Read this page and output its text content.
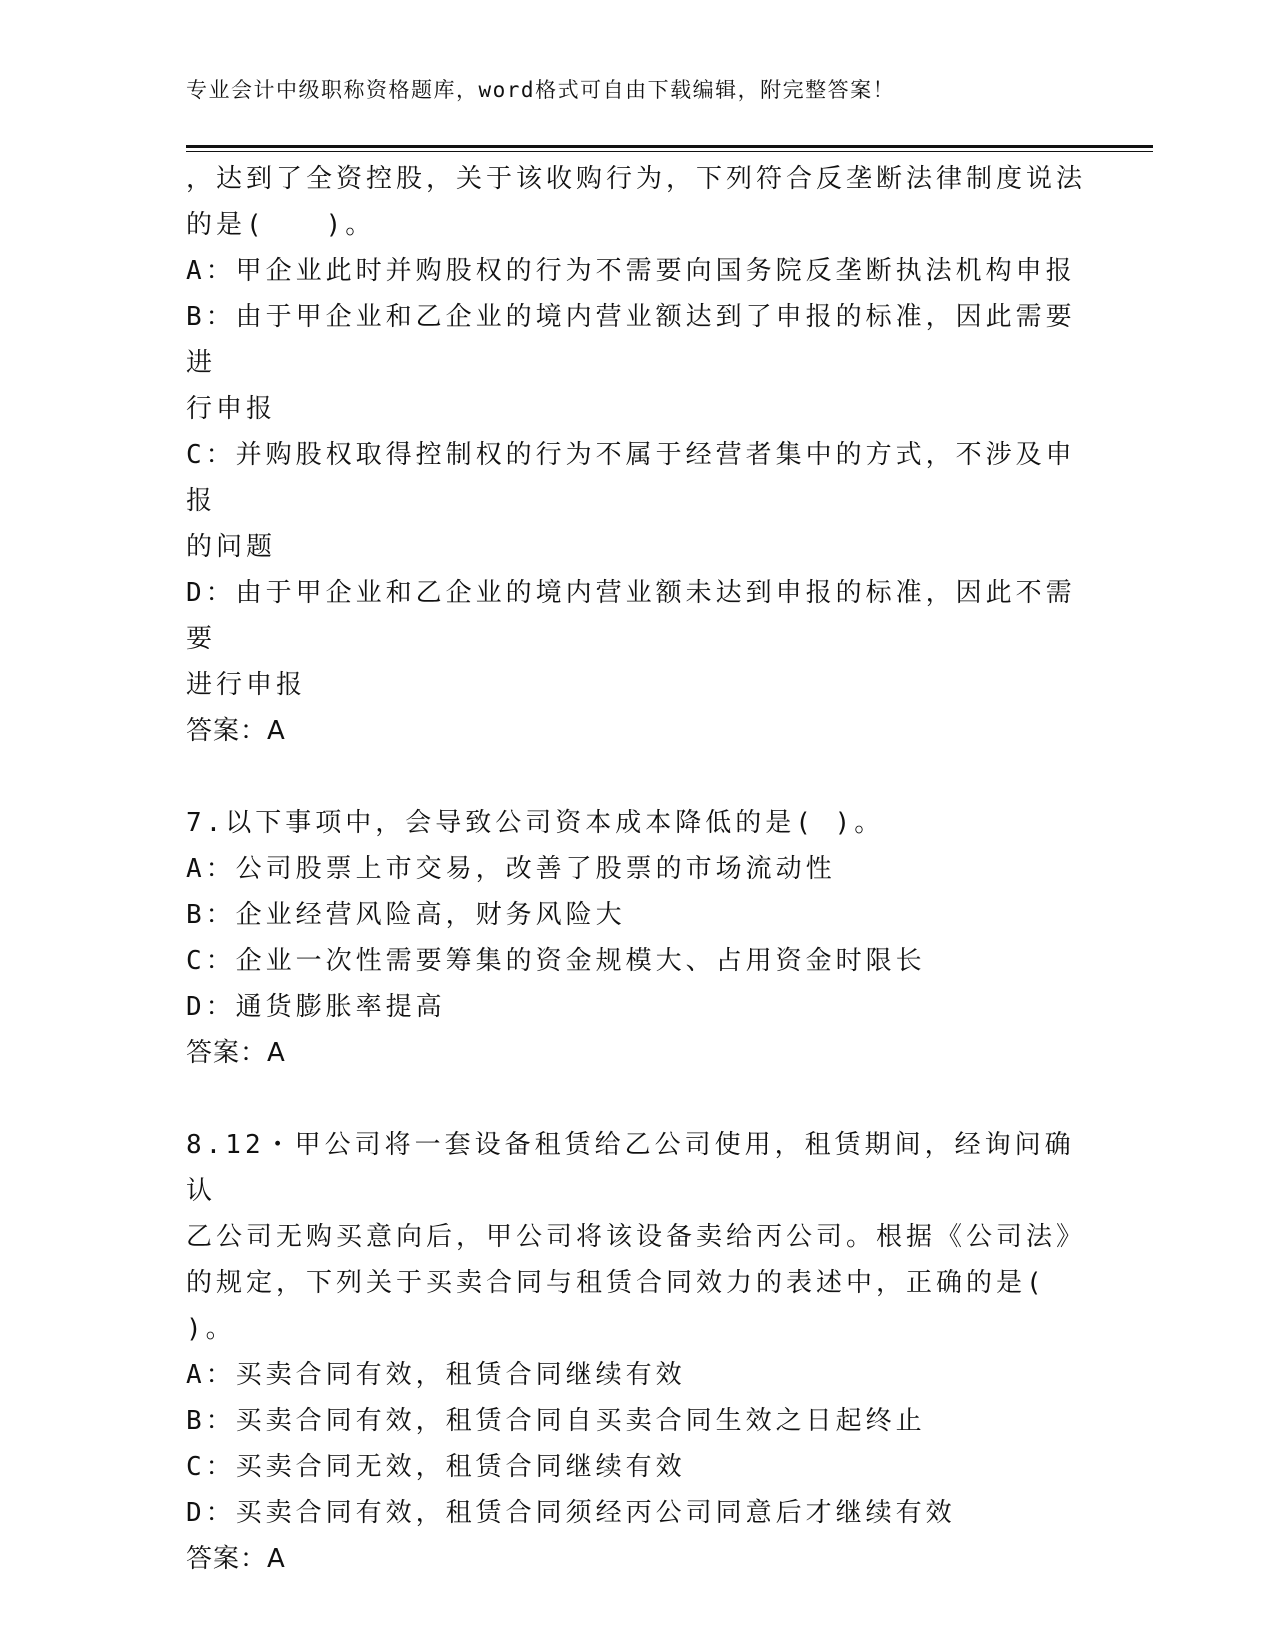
专业会计中级职称资格题库，word格式可自由下载编辑，附完整答案！

，达到了全资控股，关于该收购行为，下列符合反垄断法律制度说法

的是(　　)。

A：甲企业此时并购股权的行为不需要向国务院反垄断执法机构申报

B：由于甲企业和乙企业的境内营业额达到了申报的标准，因此需要进

行申报

C：并购股权取得控制权的行为不属于经营者集中的方式，不涉及申报

的问题

D：由于甲企业和乙企业的境内营业额未达到申报的标准，因此不需要

进行申报

答案：A

7.以下事项中，会导致公司资本成本降低的是( )。

A：公司股票上市交易，改善了股票的市场流动性

B：企业经营风险高，财务风险大

C：企业一次性需要筹集的资金规模大、占用资金时限长

D：通货膨胀率提高

答案：A

8.12・甲公司将一套设备租赁给乙公司使用，租赁期间，经询问确认

乙公司无购买意向后，甲公司将该设备卖给丙公司。根据《公司法》

的规定，下列关于买卖合同与租赁合同效力的表述中，正确的是(

)。

A：买卖合同有效，租赁合同继续有效

B：买卖合同有效，租赁合同自买卖合同生效之日起终止

C：买卖合同无效，租赁合同继续有效

D：买卖合同有效，租赁合同须经丙公司同意后才继续有效

答案：A
